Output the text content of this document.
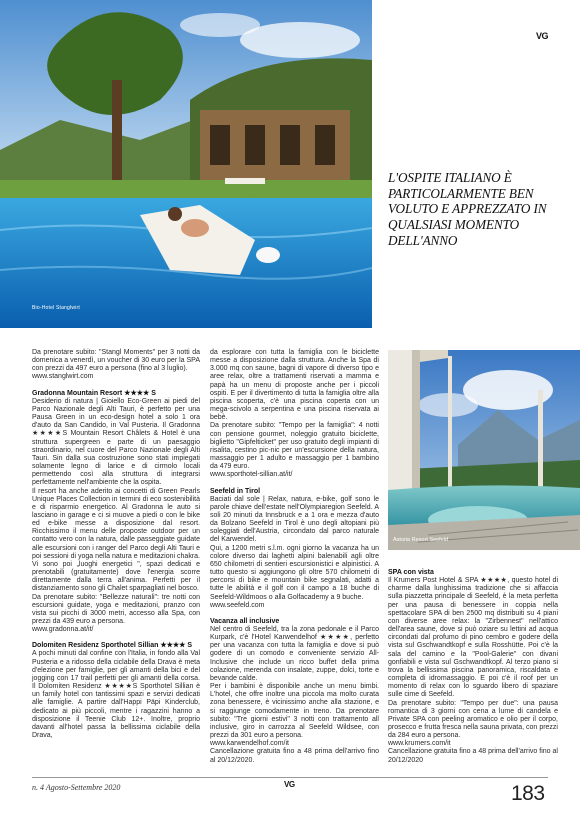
Bio-Hotel Stanglwirt
VG
L'OSPITE ITALIANO È PARTICOLARMENTE BEN VOLUTO E APPREZZATO IN QUALSIASI MOMENTO DELL'ANNO

Da prenotare subito: "Stangl Moments" per 3 notti da domenica a venerdì, un voucher di 30 euro per la SPA con prezzi da 497 euro a persona (fino al 3 luglio).

www.stanglwirt.com

Gradonna Mountain Resort ★★★★ S

Desiderio di natura | Gioiello Eco-Green ai piedi del Parco Nazionale degli Alti Tauri, è perfetto per una Pausa Green in un eco-design hotel a solo 1 ora d'auto da San Candido, in Val Pusteria. Il Gradonna ★★★★S Mountain Resort Châlets & Hotel è una struttura supergreen e parte di un paesaggio straordinario, nel cuore del Parco Nazionale degli Alti Tauri. Sin dalla sua costruzione sono stati impiegati solamente legno di larice e di cirmolo locali permettendo così alla struttura di integrarsi perfettamente nell'ambiente che la ospita.

Il resort ha anche aderito ai concetti di Green Pearls Unique Places Collection in termini di eco sostenibilità e di risparmio energetico. Al Gradonna le auto si lasciano in garage e ci si muove a piedi o con le bike ed e-bike messe a disposizione dal resort. Ricchissimo il menu delle proposte outdoor per un contatto vero con la natura, dalle passeggiate guidate alle escursioni con i ranger del Parco degli Alti Tauri e poi sessioni di yoga nella natura e meditazioni chakra. Vi sono poi „luoghi energetici ", spazi dedicati e prenotabili (gratuitamente) dove l'energia scorre direttamente dalla terra all'anima. Perfetti per il distanziamento sono gli Chalet sparpagliati nel bosco.

Da prenotare subito: "Bellezze naturali": tre notti con escursioni guidate, yoga e meditazioni, pranzo con vista sui picchi di 3000 metri, accesso alla Spa, con prezzi da 439 euro a persona.

www.gradonna.at/it/

Dolomiten Residenz Sporthotel Sillian ★★★★ S

A pochi minuti dal confine con l'Italia, in fondo alla Val Pusteria e a ridosso della ciclabile della Drava è meta d'elezione per famiglie, per gli amanti della bici e del jogging con 17 trail perfetti per gli amanti della corsa. Il Dolomiten Residenz ★★★★S Sporthotel Sillian è un family hotel con tantissimi spazi e servizi dedicati alle famiglie. A partire dall'Happi Päpi Kinderclub, dedicato ai più piccoli, mentre i ragazzini hanno a disposizione il Teenie Club 12+. Inoltre, proprio davanti all'hotel passa la bellissima ciclabile della Drava,

da esplorare con tutta la famiglia con le biciclette messe a disposizione dalla struttura. Anche la Spa di 3.000 mq con saune, bagni di vapore di diverso tipo e aree relax, oltre a trattamenti riservati a mamma e papà ha un menu di proposte anche per i piccoli ospiti. E per il divertimento di tutta la famiglia oltre alla piscina scoperta, c'è una piscina coperta con un mega-scivolo a serpentina e una piscina riservata ai bebè.

Da prenotare subito: "Tempo per la famiglia": 4 notti con pensione gourmet, noleggio gratuito biciclette, biglietto "Gipfelticket" per uso gratuito degli impianti di risalita, cestino pic-nic per un'escursione della natura, massaggio per 1 adulto e massaggio per 1 bambino da 479 euro.

www.sporthotel-sillian.at/it/

Seefeld in Tirol

Baciati dal sole | Relax, natura, e-bike, golf sono le parole chiave dell'estate nell'Olympiaregion Seefeld. A soli 20 minuti da Innsbruck e a 1 ora e mezza d'auto da Bolzano Seefeld in Tirol è uno degli altopiani più soleggiati dell'Austria, circondato dal parco naturale del Karwendel.

Qui, a 1200 metri s.l.m. ogni giorno la vacanza ha un colore diverso dai laghetti alpini balenabili agli oltre 650 chilometri di sentieri escursionistici e alpinistici. A tutto questo si aggiungono gli oltre 570 chilometri di percorsi di bike e mountain bike segnalati, adatti a tutte le abilità e il golf con il campo a 18 buche di Seefeld-Wildmoos o alla Golfacademy a 9 buche.

www.seefeld.com

Vacanza all inclusive

Nel centro di Seefeld, tra la zona pedonale e il Parco Kurpark, c'è l'Hotel Karwendelhof ★★★★, perfetto per una vacanza con tutta la famiglia e dove si può godere di un comodo e conveniente servizio All-Inclusive che include un ricco buffet della prima colazione, merenda con insalate, zuppe, dolci, torte e bevande calde.

Per i bambini è disponibile anche un menu bimbi. L'hotel, che offre inoltre una piccola ma molto curata zona benessere, è vicinissimo anche alla stazione, e si raggiunge comodamente in treno. Da prenotare subito: "Tre giorni estivi" 3 notti con trattamento all inclusive, giro in carrozza al Seefeld Wildsee, con prezzi da 301 euro a persona.

www.karwendelhof.com/it

Cancellazione gratuita fino a 48 prima dell'arrivo fino al 20/12/2020.

Astoria Resort Seefeld

SPA con vista

Il Krumers Post Hotel & SPA ★★★★, questo hotel di charme dalla lunghissima tradizione che si affaccia sulla piazzetta principale di Seefeld, è la meta perfetta per una pausa di benessere in coppia nella spettacolare SPA di ben 2500 mq distribuiti su 4 piani con diverse aree relax: la "Zirbennest" nell'attico dell'area saune, dove si può oziare su lettini ad acqua circondati dal profumo di pino cembro e godere della vista sul Gschwandtkopf e sulla Rosshütte. Poi c'è la sala del camino e la "Pool-Galerie" con divani gonfiabili e vista sul Gschwandtkopf. Al terzo piano si trova la bellissima piscina panoramica, riscaldata e completa di idromassaggio. E poi c'è il roof per un momento di relax con lo sguardo libero di spaziare sulle cime di Seefeld.

Da prenotare subito: "Tempo per due": una pausa romantica di 3 giorni con cena a lume di candela e Private SPA con peeling aromatico e olio per il corpo, prosecco e frutta fresca nella sauna privata, con prezzi da 284 euro a persona.

www.krumers.com/it

Cancellazione gratuita fino a 48 prima dell'arrivo fino al 20/12/2020

n. 4 Agosto-Settembre 2020	VG	183
